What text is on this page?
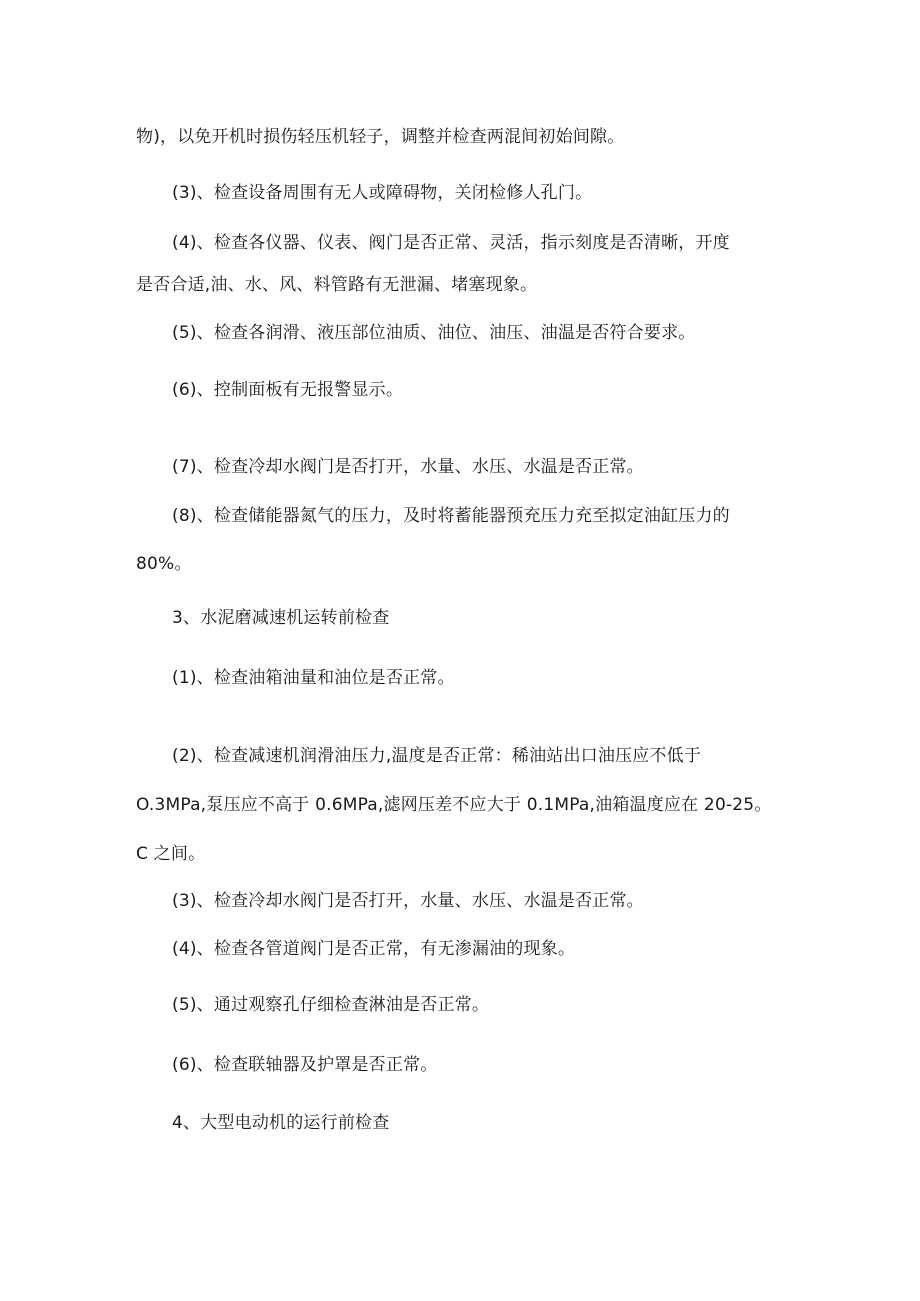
物)，以免开机时损伤轻压机轻子，调整并检查两混间初始间隙。

(3)、检查设备周围有无人或障碍物，关闭检修人孔门。

(4)、检查各仪器、仪表、阀门是否正常、灵活，指示刻度是否清晰，开度

是否合适,油、水、风、料管路有无泄漏、堵塞现象。

(5)、检查各润滑、液压部位油质、油位、油压、油温是否符合要求。

(6)、控制面板有无报警显示。

(7)、检查冷却水阀门是否打开，水量、水压、水温是否正常。

(8)、检查储能器氮气的压力，及时将蓄能器预充压力充至拟定油缸压力的

80%。

3、水泥磨减速机运转前检查

(1)、检查油箱油量和油位是否正常。

(2)、检查减速机润滑油压力,温度是否正常：稀油站出口油压应不低于

O.3MPa,泵压应不高于 0.6MPa,滤网压差不应大于 0.1MPa,油箱温度应在 20-25。

C 之间。

(3)、检查冷却水阀门是否打开，水量、水压、水温是否正常。

(4)、检查各管道阀门是否正常，有无渗漏油的现象。

(5)、通过观察孔仔细检查淋油是否正常。

(6)、检查联轴器及护罩是否正常。

4、大型电动机的运行前检查
